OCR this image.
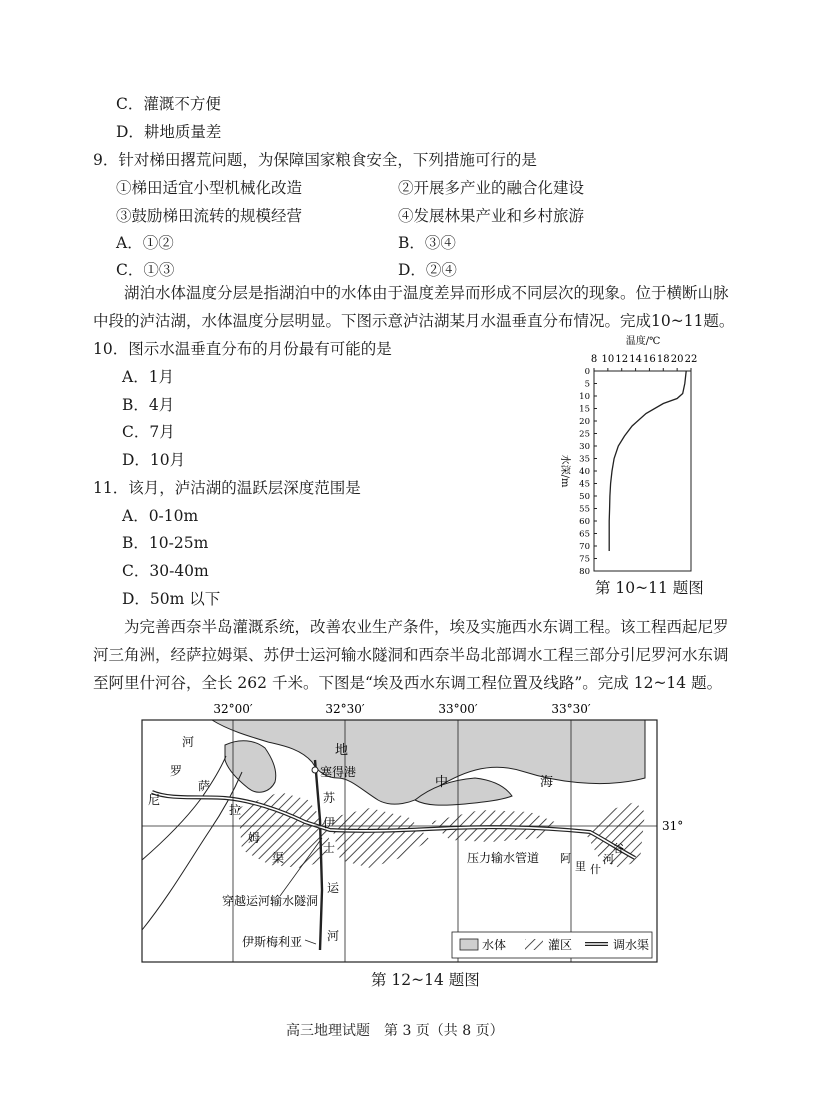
C．灌溉不方便
D．耕地质量差
9．针对梯田撂荒问题，为保障国家粮食安全，下列措施可行的是
①梯田适宜小型机械化改造	②开展多产业的融合化建设
③鼓励梯田流转的规模经营	④发展林果产业和乡村旅游
A．①②	B．③④
C．①③	D．②④
湖泊水体温度分层是指湖泊中的水体由于温度差异而形成不同层次的现象。位于横断山脉
中段的泸沽湖，水体温度分层明显。下图示意泸沽湖某月水温垂直分布情况。完成10~11题。
10．图示水温垂直分布的月份最有可能的是
A．1月
B．4月
C．7月
D．10月
11．该月，泸沽湖的温跃层深度范围是
A．0-10m
B．10-25m
C．30-40m
D．50m 以下
温度/℃
8 10 12 14 16 18 20 22
0
5
10
15
20
25
30
35
40
45
50
55
60
65
70
75
80
水深/m
第 10~11 题图
为完善西奈半岛灌溉系统，改善农业生产条件，埃及实施西水东调工程。该工程西起尼罗
河三角洲，经萨拉姆渠、苏伊士运河输水隧洞和西奈半岛北部调水工程三部分引尼罗河水东调
至阿里什河谷，全长 262 千米。下图是“埃及西水东调工程位置及线路”。完成 12~14 题。
32°00′	32°30′	33°00′	33°30′
31°
地
中	海
尼
罗
河
萨
拉
姆
渠
苏
伊
士
运
河
阿
里 什
河
谷
塞得港
伊斯梅利亚
穿越运河输水隧洞
压力输水管道
水体	灌区	调水渠
第 12~14 题图
高三地理试题　第 3 页（共 8 页）
